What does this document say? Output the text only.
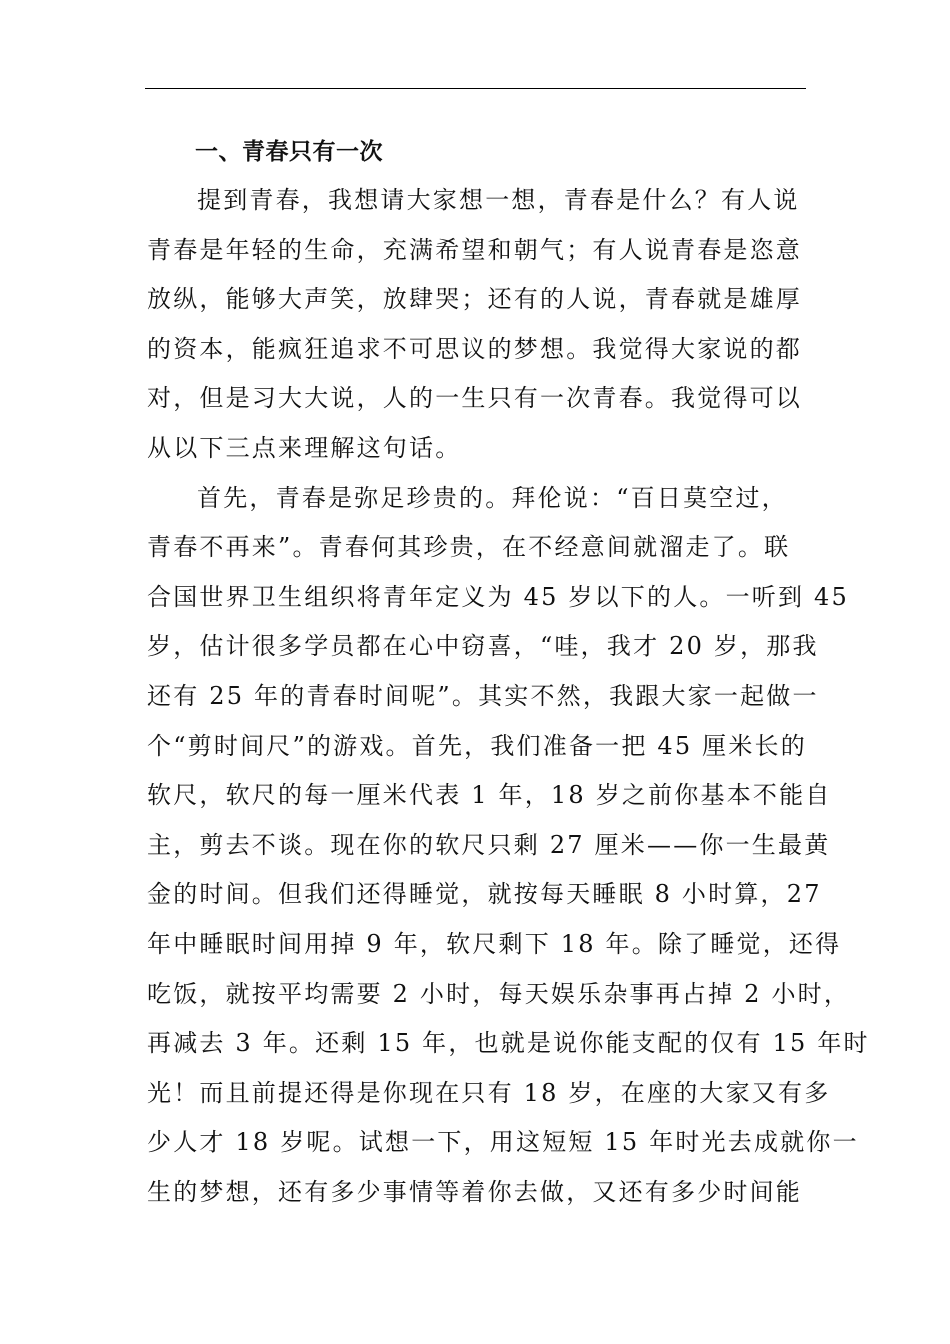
一、青春只有一次
提到青春，我想请大家想一想，青春是什么？有人说
青春是年轻的生命，充满希望和朝气；有人说青春是恣意
放纵，能够大声笑，放肆哭；还有的人说，青春就是雄厚
的资本，能疯狂追求不可思议的梦想。我觉得大家说的都
对，但是习大大说，人的一生只有一次青春。我觉得可以
从以下三点来理解这句话。
首先，青春是弥足珍贵的。拜伦说：“百日莫空过，
青春不再来”。青春何其珍贵，在不经意间就溜走了。联
合国世界卫生组织将青年定义为 45 岁以下的人。一听到 45
岁，估计很多学员都在心中窃喜，“哇，我才 20 岁，那我
还有 25 年的青春时间呢”。其实不然，我跟大家一起做一
个“剪时间尺”的游戏。首先，我们准备一把 45 厘米长的
软尺，软尺的每一厘米代表 1 年，18 岁之前你基本不能自
主，剪去不谈。现在你的软尺只剩 27 厘米——你一生最黄
金的时间。但我们还得睡觉，就按每天睡眠 8 小时算，27
年中睡眠时间用掉 9 年，软尺剩下 18 年。除了睡觉，还得
吃饭，就按平均需要 2 小时，每天娱乐杂事再占掉 2 小时，
再减去 3 年。还剩 15 年，也就是说你能支配的仅有 15 年时
光！而且前提还得是你现在只有 18 岁，在座的大家又有多
少人才 18 岁呢。试想一下，用这短短 15 年时光去成就你一
生的梦想，还有多少事情等着你去做，又还有多少时间能
